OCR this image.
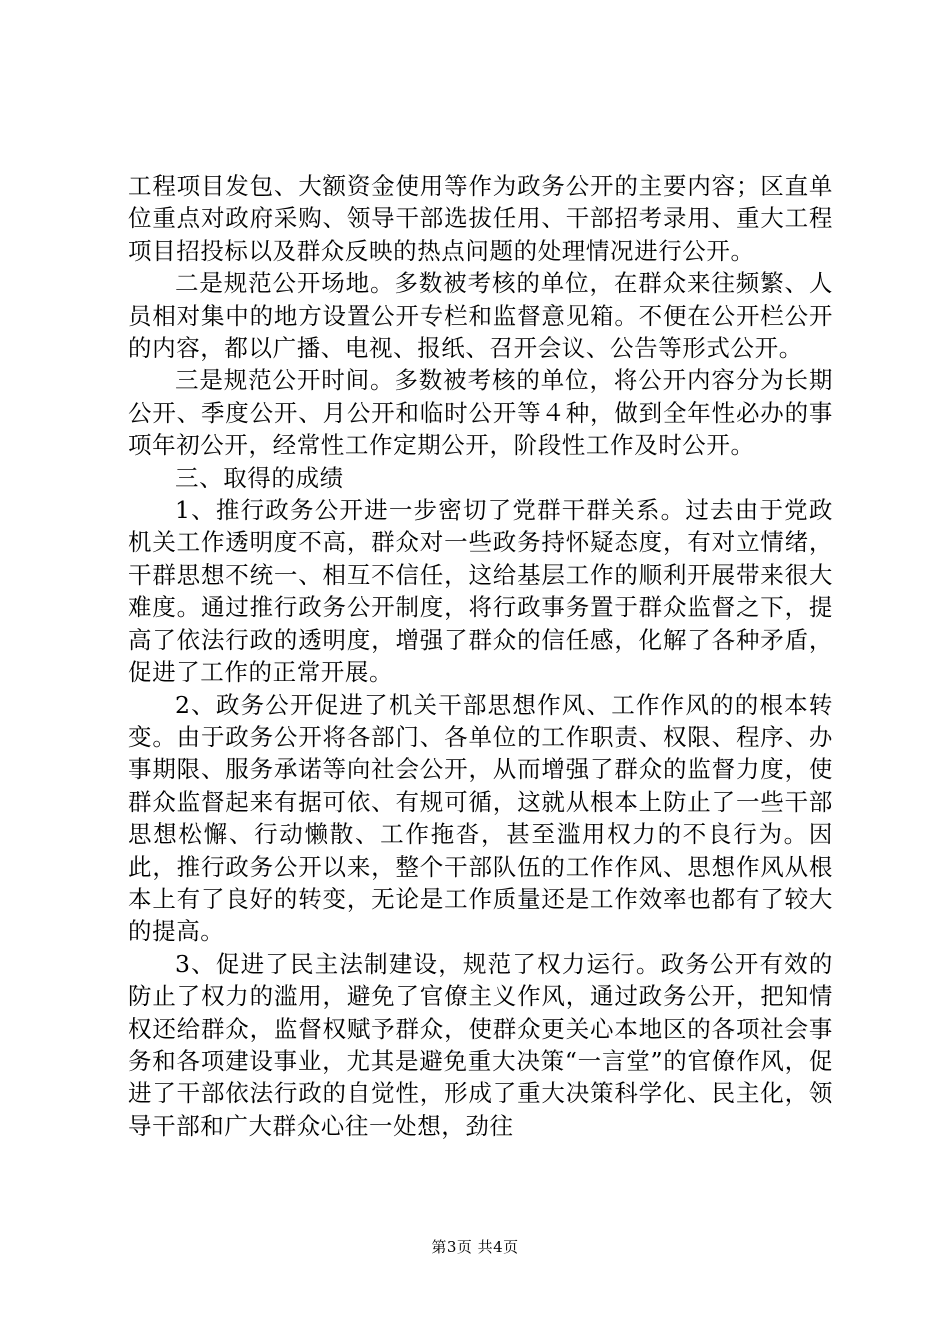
工程项目发包、大额资金使用等作为政务公开的主要内容；区直单位重点对政府采购、领导干部选拔任用、干部招考录用、重大工程项目招投标以及群众反映的热点问题的处理情况进行公开。

二是规范公开场地。多数被考核的单位，在群众来往频繁、人员相对集中的地方设置公开专栏和监督意见箱。不便在公开栏公开的内容，都以广播、电视、报纸、召开会议、公告等形式公开。

三是规范公开时间。多数被考核的单位，将公开内容分为长期公开、季度公开、月公开和临时公开等４种，做到全年性必办的事项年初公开，经常性工作定期公开，阶段性工作及时公开。

三、取得的成绩

1、推行政务公开进一步密切了党群干群关系。过去由于党政机关工作透明度不高，群众对一些政务持怀疑态度，有对立情绪，干群思想不统一、相互不信任，这给基层工作的顺利开展带来很大难度。通过推行政务公开制度，将行政事务置于群众监督之下，提高了依法行政的透明度，增强了群众的信任感，化解了各种矛盾，促进了工作的正常开展。

2、政务公开促进了机关干部思想作风、工作作风的的根本转变。由于政务公开将各部门、各单位的工作职责、权限、程序、办事期限、服务承诺等向社会公开，从而增强了群众的监督力度，使群众监督起来有据可依、有规可循，这就从根本上防止了一些干部思想松懈、行动懒散、工作拖沓，甚至滥用权力的不良行为。因此，推行政务公开以来，整个干部队伍的工作作风、思想作风从根本上有了良好的转变，无论是工作质量还是工作效率也都有了较大的提高。

3、促进了民主法制建设，规范了权力运行。政务公开有效的防止了权力的滥用，避免了官僚主义作风，通过政务公开，把知情权还给群众，监督权赋予群众，使群众更关心本地区的各项社会事务和各项建设事业，尤其是避免重大决策“一言堂”的官僚作风，促进了干部依法行政的自觉性，形成了重大决策科学化、民主化，领导干部和广大群众心往一处想，劲往

第3页 共4页
